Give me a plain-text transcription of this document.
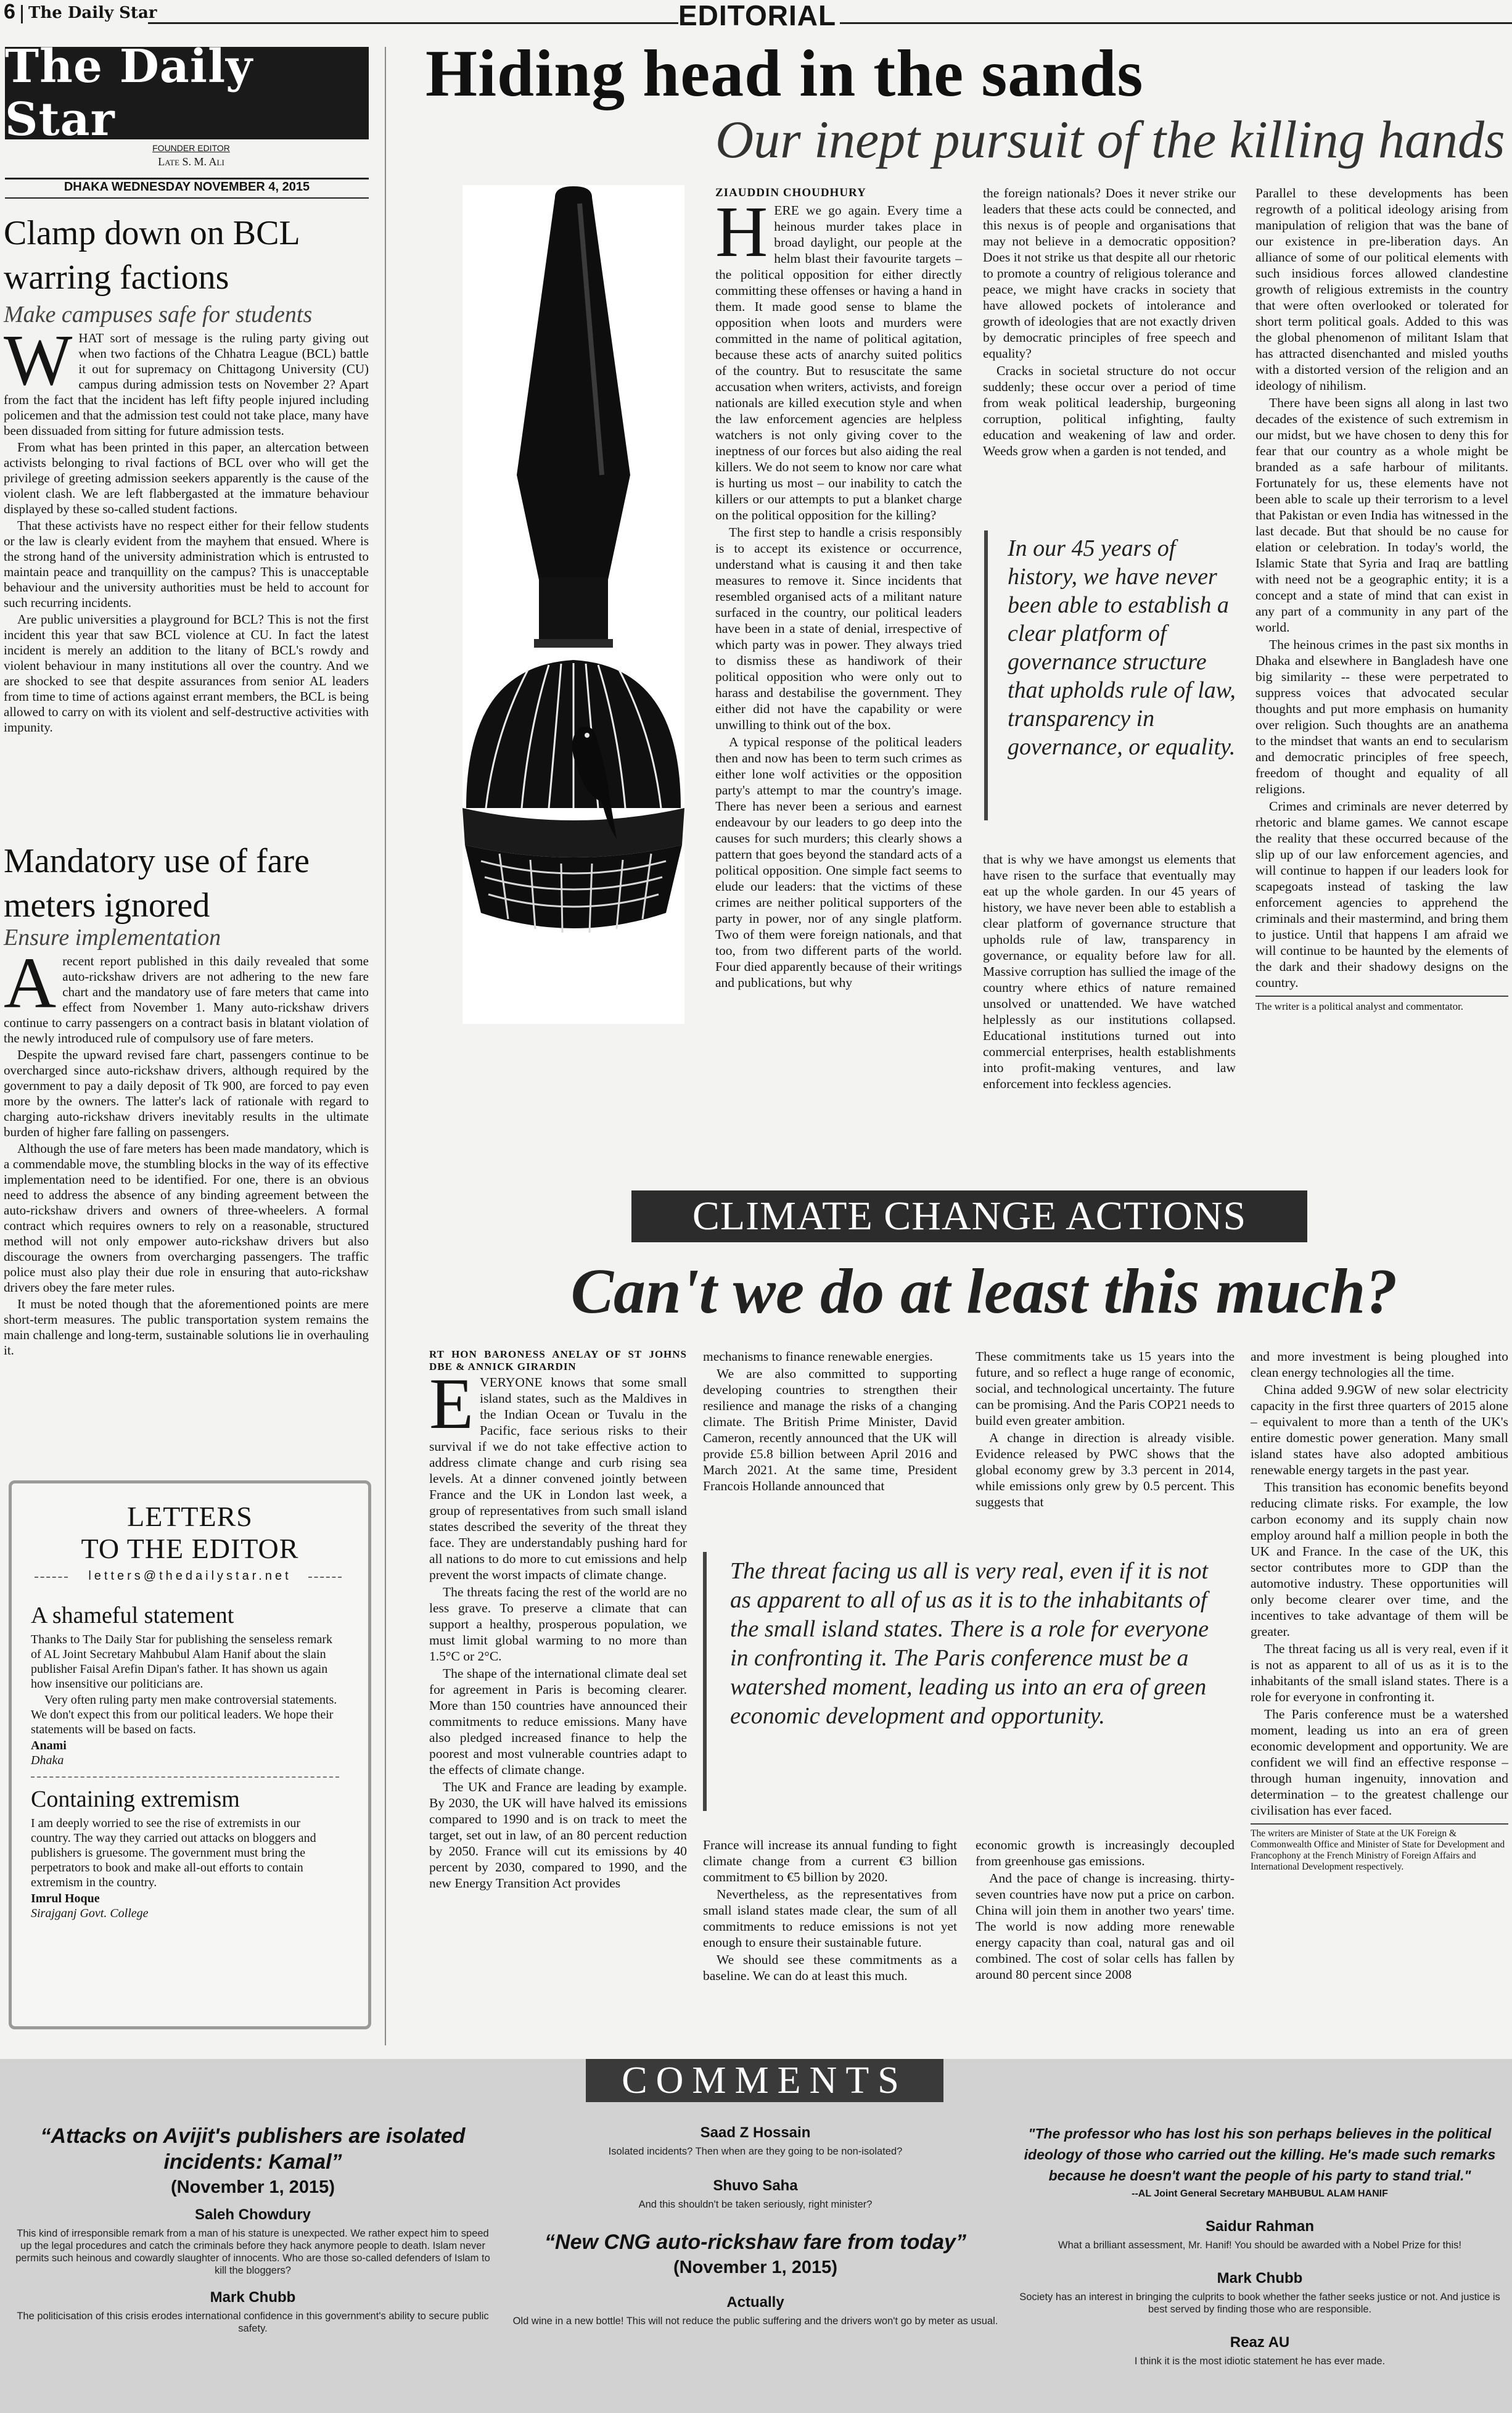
6 The Daily Star	EDITORIAL
The Daily Star
FOUNDER EDITOR
Late S. M. Ali
DHAKA WEDNESDAY NOVEMBER 4, 2015
Clamp down on BCL warring factions
Make campuses safe for students
W HAT sort of message is the ruling party giving out when two factions of the Chhatra League (BCL) battle it out for supremacy on Chittagong University (CU) campus during admission tests on November 2? Apart from the fact that the incident has left fifty people injured including policemen and that the admission test could not take place, many have been dissuaded from sitting for future admission tests.

From what has been printed in this paper, an altercation between activists belonging to rival factions of BCL over who will get the privilege of greeting admission seekers apparently is the cause of the violent clash. We are left flabbergasted at the immature behaviour displayed by these so-called student factions.

That these activists have no respect either for their fellow students or the law is clearly evident from the mayhem that ensued. Where is the strong hand of the university administration which is entrusted to maintain peace and tranquillity on the campus? This is unacceptable behaviour and the university authorities must be held to account for such recurring incidents.

Are public universities a playground for BCL? This is not the first incident this year that saw BCL violence at CU. In fact the latest incident is merely an addition to the litany of BCL's rowdy and violent behaviour in many institutions all over the country. And we are shocked to see that despite assurances from senior AL leaders from time to time of actions against errant members, the BCL is being allowed to carry on with its violent and self-destructive activities with impunity.

Mandatory use of fare meters ignored
Ensure implementation
A recent report published in this daily revealed that some auto-rickshaw drivers are not adhering to the new fare chart and the mandatory use of fare meters that came into effect from November 1. Many auto-rickshaw drivers continue to carry passengers on a contract basis in blatant violation of the newly introduced rule of compulsory use of fare meters.

Despite the upward revised fare chart, passengers continue to be overcharged since auto-rickshaw drivers, although required by the government to pay a daily deposit of Tk 900, are forced to pay even more by the owners. The latter's lack of rationale with regard to charging auto-rickshaw drivers inevitably results in the ultimate burden of higher fare falling on passengers.

Although the use of fare meters has been made mandatory, which is a commendable move, the stumbling blocks in the way of its effective implementation need to be identified. For one, there is an obvious need to address the absence of any binding agreement between the auto-rickshaw drivers and owners of three-wheelers. A formal contract which requires owners to rely on a reasonable, structured method will not only empower auto-rickshaw drivers but also discourage the owners from overcharging passengers. The traffic police must also play their due role in ensuring that auto-rickshaw drivers obey the fare meter rules.

It must be noted though that the aforementioned points are mere short-term measures. The public transportation system remains the main challenge and long-term, sustainable solutions lie in overhauling it.

LETTERS
TO THE EDITOR
letters@thedailystar.net
A shameful statement

Thanks to The Daily Star for publishing the senseless remark of AL Joint Secretary Mahbubul Alam Hanif about the slain publisher Faisal Arefin Dipan's father. It has shown us again how insensitive our politicians are.

Very often ruling party men make controversial statements. We don't expect this from our political leaders. We hope their statements will be based on facts.

Anami
Dhaka
Containing extremism

I am deeply worried to see the rise of extremists in our country. The way they carried out attacks on bloggers and publishers is gruesome. The government must bring the perpetrators to book and make all-out efforts to contain extremism in the country.

Imrul Hoque
Sirajganj Govt. College
Hiding head in the sands
Our inept pursuit of the killing hands

ZIAUDDIN CHOUDHURY

H ERE we go again. Every time a heinous murder takes place in broad daylight, our people at the helm blast their favourite targets – the political opposition for either directly committing these offenses or having a hand in them. It made good sense to blame the opposition when loots and murders were committed in the name of political agitation, because these acts of anarchy suited politics of the country. But to resuscitate the same accusation when writers, activists, and foreign nationals are killed execution style and when the law enforcement agencies are helpless watchers is not only giving cover to the ineptness of our forces but also aiding the real killers. We do not seem to know nor care what is hurting us most – our inability to catch the killers or our attempts to put a blanket charge on the political opposition for the killing?

The first step to handle a crisis responsibly is to accept its existence or occurrence, understand what is causing it and then take measures to remove it. Since incidents that resembled organised acts of a militant nature surfaced in the country, our political leaders have been in a state of denial, irrespective of which party was in power. They always tried to dismiss these as handiwork of their political opposition who were only out to harass and destabilise the government. They either did not have the capability or were unwilling to think out of the box.

A typical response of the political leaders then and now has been to term such crimes as either lone wolf activities or the opposition party's attempt to mar the country's image. There has never been a serious and earnest endeavour by our leaders to go deep into the causes for such murders; this clearly shows a pattern that goes beyond the standard acts of a political opposition. One simple fact seems to elude our leaders: that the victims of these crimes are neither political supporters of the party in power, nor of any single platform. Two of them were foreign nationals, and that too, from two different parts of the world. Four died apparently because of their writings and publications, but why

the foreign nationals? Does it never strike our leaders that these acts could be connected, and this nexus is of people and organisations that may not believe in a democratic opposition? Does it not strike us that despite all our rhetoric to promote a country of religious tolerance and peace, we might have cracks in society that have allowed pockets of intolerance and growth of ideologies that are not exactly driven by democratic principles of free speech and equality?

Cracks in societal structure do not occur suddenly; these occur over a period of time from weak political leadership, burgeoning corruption, political infighting, faulty education and weakening of law and order. Weeds grow when a garden is not tended, and

In our 45 years of history, we have never been able to establish a clear platform of governance structure that upholds rule of law, transparency in governance, or equality.

that is why we have amongst us elements that have risen to the surface that eventually may eat up the whole garden. In our 45 years of history, we have never been able to establish a clear platform of governance structure that upholds rule of law, transparency in governance, or equality before law for all. Massive corruption has sullied the image of the country where ethics of nature remained unsolved or unattended. We have watched helplessly as our institutions collapsed. Educational institutions turned out into commercial enterprises, health establishments into profit-making ventures, and law enforcement into feckless agencies.

Parallel to these developments has been regrowth of a political ideology arising from manipulation of religion that was the bane of our existence in pre-liberation days. An alliance of some of our political elements with such insidious forces allowed clandestine growth of religious extremists in the country that were often overlooked or tolerated for short term political goals. Added to this was the global phenomenon of militant Islam that has attracted disenchanted and misled youths with a distorted version of the religion and an ideology of nihilism.

There have been signs all along in last two decades of the existence of such extremism in our midst, but we have chosen to deny this for fear that our country as a whole might be branded as a safe harbour of militants. Fortunately for us, these elements have not been able to scale up their terrorism to a level that Pakistan or even India has witnessed in the last decade. But that should be no cause for elation or celebration. In today's world, the Islamic State that Syria and Iraq are battling with need not be a geographic entity; it is a concept and a state of mind that can exist in any part of a community in any part of the world.

The heinous crimes in the past six months in Dhaka and elsewhere in Bangladesh have one big similarity -- these were perpetrated to suppress voices that advocated secular thoughts and put more emphasis on humanity over religion. Such thoughts are an anathema to the mindset that wants an end to secularism and democratic principles of free speech, freedom of thought and equality of all religions.

Crimes and criminals are never deterred by rhetoric and blame games. We cannot escape the reality that these occurred because of the slip up of our law enforcement agencies, and will continue to happen if our leaders look for scapegoats instead of tasking the law enforcement agencies to apprehend the criminals and their mastermind, and bring them to justice. Until that happens I am afraid we will continue to be haunted by the elements of the dark and their shadowy designs on the country.

The writer is a political analyst and commentator.
CLIMATE CHANGE ACTIONS
Can't we do at least this much?

RT HON BARONESS ANELAY OF ST JOHNS DBE & ANNICK GIRARDIN

E VERYONE knows that some small island states, such as the Maldives in the Indian Ocean or Tuvalu in the Pacific, face serious risks to their survival if we do not take effective action to address climate change and curb rising sea levels. At a dinner convened jointly between France and the UK in London last week, a group of representatives from such small island states described the severity of the threat they face. They are understandably pushing hard for all nations to do more to cut emissions and help prevent the worst impacts of climate change.

The threats facing the rest of the world are no less grave. To preserve a climate that can support a healthy, prosperous population, we must limit global warming to no more than 1.5°C or 2°C.

The shape of the international climate deal set for agreement in Paris is becoming clearer. More than 150 countries have announced their commitments to reduce emissions. Many have also pledged increased finance to help the poorest and most vulnerable countries adapt to the effects of climate change.

The UK and France are leading by example. By 2030, the UK will have halved its emissions compared to 1990 and is on track to meet the target, set out in law, of an 80 percent reduction by 2050. France will cut its emissions by 40 percent by 2030, compared to 1990, and the new Energy Transition Act provides

mechanisms to finance renewable energies.

We are also committed to supporting developing countries to strengthen their resilience and manage the risks of a changing climate. The British Prime Minister, David Cameron, recently announced that the UK will provide £5.8 billion between April 2016 and March 2021. At the same time, President Francois Hollande announced that

These commitments take us 15 years into the future, and so reflect a huge range of economic, social, and technological uncertainty. The future can be promising. And the Paris COP21 needs to build even greater ambition.

A change in direction is already visible. Evidence released by PWC shows that the global economy grew by 3.3 percent in 2014, while emissions only grew by 0.5 percent. This suggests that

The threat facing us all is very real, even if it is not as apparent to all of us as it is to the inhabitants of the small island states. There is a role for everyone in confronting it. The Paris conference must be a watershed moment, leading us into an era of green economic development and opportunity.

France will increase its annual funding to fight climate change from a current €3 billion commitment to €5 billion by 2020.

Nevertheless, as the representatives from small island states made clear, the sum of all commitments to reduce emissions is not yet enough to ensure their sustainable future.

We should see these commitments as a baseline. We can do at least this much.

economic growth is increasingly decoupled from greenhouse gas emissions.

And the pace of change is increasing. thirty-seven countries have now put a price on carbon. China will join them in another two years' time. The world is now adding more renewable energy capacity than coal, natural gas and oil combined. The cost of solar cells has fallen by around 80 percent since 2008

and more investment is being ploughed into clean energy technologies all the time.

China added 9.9GW of new solar electricity capacity in the first three quarters of 2015 alone – equivalent to more than a tenth of the UK's entire domestic power generation. Many small island states have also adopted ambitious renewable energy targets in the past year.

This transition has economic benefits beyond reducing climate risks. For example, the low carbon economy and its supply chain now employ around half a million people in both the UK and France. In the case of the UK, this sector contributes more to GDP than the automotive industry. These opportunities will only become clearer over time, and the incentives to take advantage of them will be greater.

The threat facing us all is very real, even if it is not as apparent to all of us as it is to the inhabitants of the small island states. There is a role for everyone in confronting it.

The Paris conference must be a watershed moment, leading us into an era of green economic development and opportunity. We are confident we will find an effective response – through human ingenuity, innovation and determination – to the greatest challenge our civilisation has ever faced.

The writers are Minister of State at the UK Foreign & Commonwealth Office and Minister of State for Development and Francophony at the French Ministry of Foreign Affairs and International Development respectively.
COMMENTS
“Attacks on Avijit's publishers are isolated incidents: Kamal”
(November 1, 2015)
Saleh Chowdury
This kind of irresponsible remark from a man of his stature is unexpected. We rather expect him to speed up the legal procedures and catch the criminals before they hack anymore people to death. Islam never permits such heinous and cowardly slaughter of innocents. Who are those so-called defenders of Islam to kill the bloggers?
Mark Chubb
The politicisation of this crisis erodes international confidence in this government's ability to secure public safety.
Saad Z Hossain
Isolated incidents? Then when are they going to be non-isolated?
Shuvo Saha
And this shouldn't be taken seriously, right minister?
“New CNG auto-rickshaw fare from today”
(November 1, 2015)
Actually
Old wine in a new bottle! This will not reduce the public suffering and the drivers won't go by meter as usual.
"The professor who has lost his son perhaps believes in the political ideology of those who carried out the killing. He's made such remarks because he doesn't want the people of his party to stand trial."
--AL Joint General Secretary MAHBUBUL ALAM HANIF
Saidur Rahman
What a brilliant assessment, Mr. Hanif! You should be awarded with a Nobel Prize for this!
Mark Chubb
Society has an interest in bringing the culprits to book whether the father seeks justice or not. And justice is best served by finding those who are responsible.
Reaz AU
I think it is the most idiotic statement he has ever made.
